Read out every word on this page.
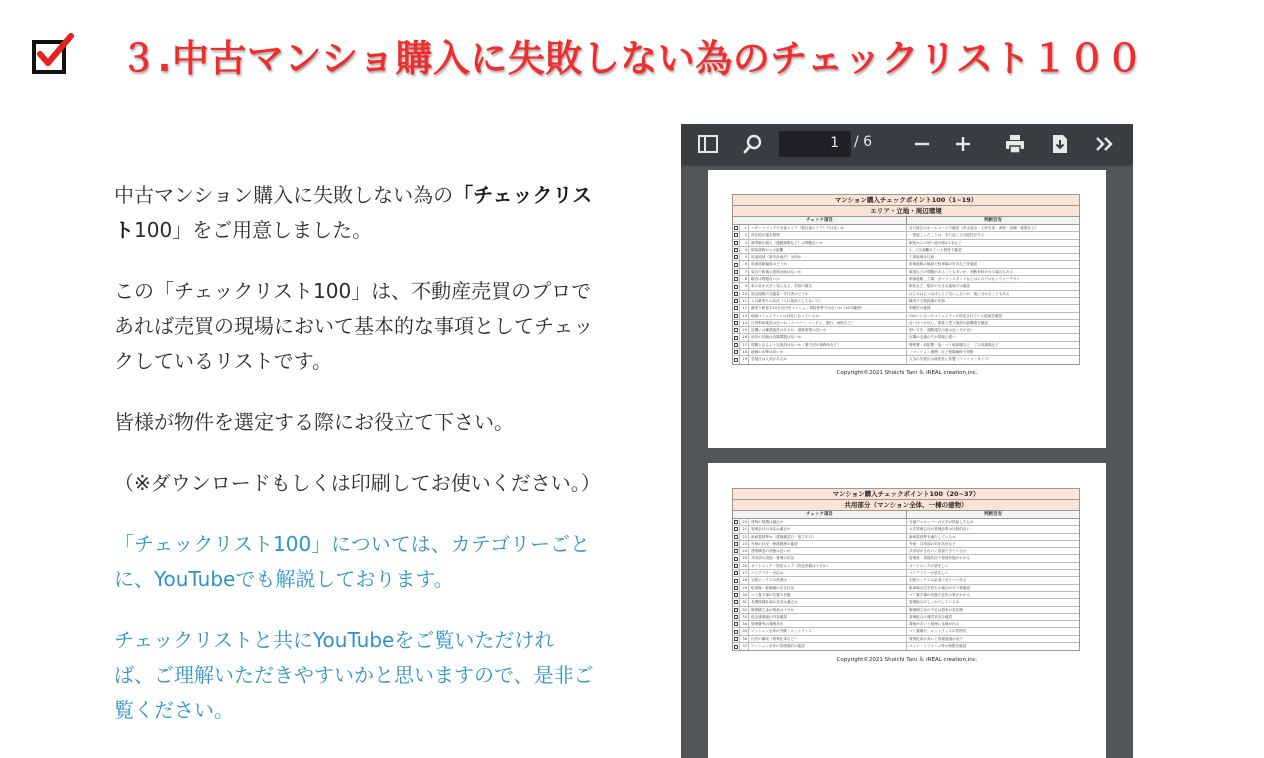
３.中古マンショ購入に失敗しない為のチェックリスト１００

中古マンション購入に失敗しない為の「チェックリスト100」をご用意しました。

この「チェックリスト100」は、不動産売買のプロであれば売買の現場において基本的な事項としてチェックしているリストです。

皆様が物件を選定する際にお役立て下さい。

（※ダウンロードもしくは印刷してお使いください。）

「チェックリスト100」については、カテゴリーごとに、YouTubeでも解説しております。

チェックリストと共にYouTubeをご覧いただければ、ご理解いただきやすいかと思いますので、是非ご覧ください。

1	/ 6
マンション購入チェックポイント100（1~19）
エリア・立地・周辺環境
チェック項目	判断目安
1	ハザードマップで水害エリア（要注意エリア）ではないか	各行政区のホームページで確認（洪水浸水・土砂災害・津波・高潮・地震など）
2	所在地の過去履歴	一度起こったことは、また起こる可能性がある
3	最寄駅の個人（通勤経路など）は問題ないか	駅前からの使い道や路が1本など
4	駅前道路からの距離	1、２区画離れている程度で確認
5	用途地域（都市計画法）は何か	工業地域は注意
6	前面道路幅員はどうか	前面道路の幅員で駐車場の可否などを確認
7	周辺で新築の建物計画はないか	環境などの問題があることも多いが、判断材料がなる場合もある
8	騒音は問題ないか	幹線道路、工場、ガソリンスタンドなどは入口ではなくウォークダイ
9	車の音が大きく気になる、学校の騒音	駅前など、騒音の大きな地域では確認
10	周辺道路の交通量・歩行者はどうか	はじめはじつはほとんど気にしないが、後に分かることもある
11	入口最寄りの状況（入口施設としてない方）	構成する階段場の有無
12	最寄り駅徒歩10分以内をマンション供給基準ではないか（10分範囲）	利便性の確保
13	地域コミュニティとは良好に合っているか	向かいに合ったコミュニティが形成されている地域を確認
14	日常利用施設は近いか（スーパー、コンビニ、銀行、病院など）	近いほうが良い。重要と思う施設の距離感を確認
15	近隣には嫌悪施設はあるか、道路事情は近いか	明い方を、通勤通学の道は近い方が良い
16	治安の状態は近隣問題はないか	近隣の交番の方が情報に強い
17	問題となるような施設はないか（暴力団の事務所など）	警察署・消防署・塩・ゴミ焼却場など、ごみ処理場など
18	地価の水準は高いか	「マンション指標」など相場価格で判断
19	学校区は人気があるか	人気の学校区は資産性に影響（ファミリータイプ）
Copyright©2021 Shoichi Tani ＆ iREAL creation,inc.
マンション購入チェックポイント100（20~37）
共用部分（マンション全体、一棟の建物）
チェック項目	判断目安
20	建物の規模は適正か	分譲デベロッパーの大手が供給したもの
21	管理会社の対応は適正か	大手管理会社の管理品質は比較的良い
22	新耐震基準か（建築確認日・竣工年月）	新耐震基準を満たしているか
23	外壁の状況・修繕履歴の確認	外壁・共用部の劣化状況など
24	建物構造の状態は良いか	共用部がきれいに清掃できているか
25	共用部の清掃・管理の状況	管理員・清掃状況で管理状態がわかる
26	オートロック・防犯カメラ（防犯設備は十分か）	オートロックが望ましい
27	バリアフリー対応は	バリアフリーが望ましい
28	宅配ボックスの設置は	宅配ボックスは必須になりつつある
29	駐車場・駐輪場の空き状況	駐車場は空き待ちの場合があり要確認
30	ゴミ置き場の位置や状態	ゴミ置き場の状態で住民の質がわかる
31	長期修繕計画の状況は適正か	管理組合がしっかりしているか
32	修繕積立金の残高は十分か	修繕積立金の不足は将来の負担増
33	総会議事録の内容確認	管理組合の運営状況を確認
34	管理費等の滞納状況	滞納が多いと管理に支障が出る
35	マンション全体の外観・エントランス	ゴミ置場や、エントランスの雰囲気
36	住民の構成（賃貸化率など）	賃貸化率が高いと管理意識が低下
37	マンション全体の管理規約の確認	ペット・リフォーム等の制限を確認
Copyright©2021 Shoichi Tani ＆ iREAL creation,inc.
